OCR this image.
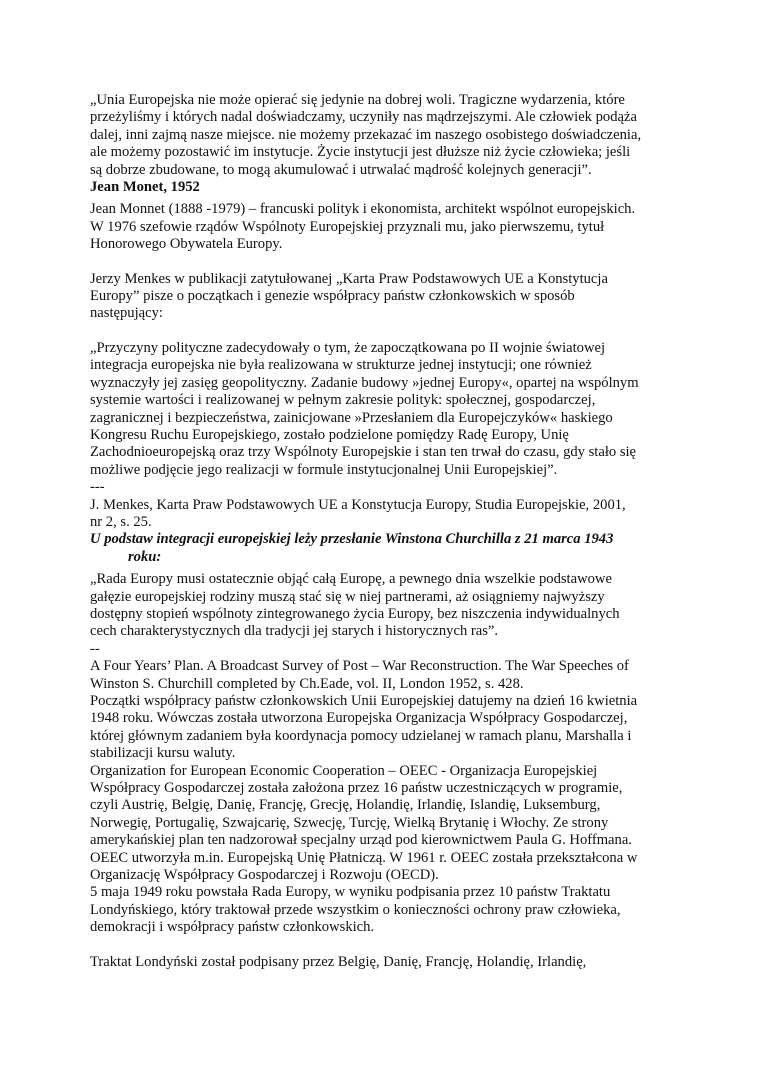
„Unia Europejska nie może opierać się jedynie na dobrej woli. Tragiczne wydarzenia, które
przeżyliśmy i których nadal doświadczamy, uczyniły nas mądrzejszymi. Ale człowiek podąża
dalej, inni zajmą nasze miejsce. nie możemy przekazać im naszego osobistego doświadczenia,
ale możemy pozostawić im instytucje. Życie instytucji jest dłuższe niż życie człowieka; jeśli
są dobrze zbudowane, to mogą akumulować i utrwalać mądrość kolejnych generacji”.

Jean Monet, 1952

Jean Monnet (1888 -1979) – francuski polityk i ekonomista, architekt wspólnot europejskich.
W 1976 szefowie rządów Wspólnoty Europejskiej przyznali mu, jako pierwszemu, tytuł
Honorowego Obywatela Europy.

Jerzy Menkes w publikacji zatytułowanej „Karta Praw Podstawowych UE a Konstytucja
Europy” pisze o początkach i genezie współpracy państw członkowskich w sposób
następujący:

„Przyczyny polityczne zadecydowały o tym, że zapoczątkowana po II wojnie światowej
integracja europejska nie była realizowana w strukturze jednej instytucji; one również
wyznaczyły jej zasięg geopolityczny. Zadanie budowy »jednej Europy«, opartej na wspólnym
systemie wartości i realizowanej w pełnym zakresie polityk: społecznej, gospodarczej,
zagranicznej i bezpieczeństwa, zainicjowane »Przesłaniem dla Europejczyków« haskiego
Kongresu Ruchu Europejskiego, zostało podzielone pomiędzy Radę Europy, Unię
Zachodnioeuropejską oraz trzy Wspólnoty Europejskie i stan ten trwał do czasu, gdy stało się
możliwe podjęcie jego realizacji w formule instytucjonalnej Unii Europejskiej”.

---

J. Menkes, Karta Praw Podstawowych UE a Konstytucja Europy, Studia Europejskie, 2001,
nr 2, s. 25.

U podstaw integracji europejskiej leży przesłanie Winstona Churchilla z 21 marca 1943
roku:

„Rada Europy musi ostatecznie objąć całą Europę, a pewnego dnia wszelkie podstawowe
gałęzie europejskiej rodziny muszą stać się w niej partnerami, aż osiągniemy najwyższy
dostępny stopień wspólnoty zintegrowanego życia Europy, bez niszczenia indywidualnych
cech charakterystycznych dla tradycji jej starych i historycznych ras”.

--

A Four Years’ Plan. A Broadcast Survey of Post – War Reconstruction. The War Speeches of
Winston S. Churchill completed by Ch.Eade, vol. II, London 1952, s. 428.

Początki współpracy państw członkowskich Unii Europejskiej datujemy na dzień 16 kwietnia
1948 roku. Wówczas została utworzona Europejska Organizacja Współpracy Gospodarczej,
której głównym zadaniem była koordynacja pomocy udzielanej w ramach planu, Marshalla i
stabilizacji kursu waluty.

Organization for European Economic Cooperation – OEEC - Organizacja Europejskiej
Współpracy Gospodarczej została założona przez 16 państw uczestniczących w programie,
czyli Austrię, Belgię, Danię, Francję, Grecję, Holandię, Irlandię, Islandię, Luksemburg,
Norwegię, Portugalię, Szwajcarię, Szwecję, Turcję, Wielką Brytanię i Włochy. Ze strony
amerykańskiej plan ten nadzorował specjalny urząd pod kierownictwem Paula G. Hoffmana.
OEEC utworzyła m.in. Europejską Unię Płatniczą. W 1961 r. OEEC została przekształcona w
Organizację Współpracy Gospodarczej i Rozwoju (OECD).

5 maja 1949 roku powstała Rada Europy, w wyniku podpisania przez 10 państw Traktatu
Londyńskiego, który traktował przede wszystkim o konieczności ochrony praw człowieka,
demokracji i współpracy państw członkowskich.

Traktat Londyński został podpisany przez Belgię, Danię, Francję, Holandię, Irlandię,
